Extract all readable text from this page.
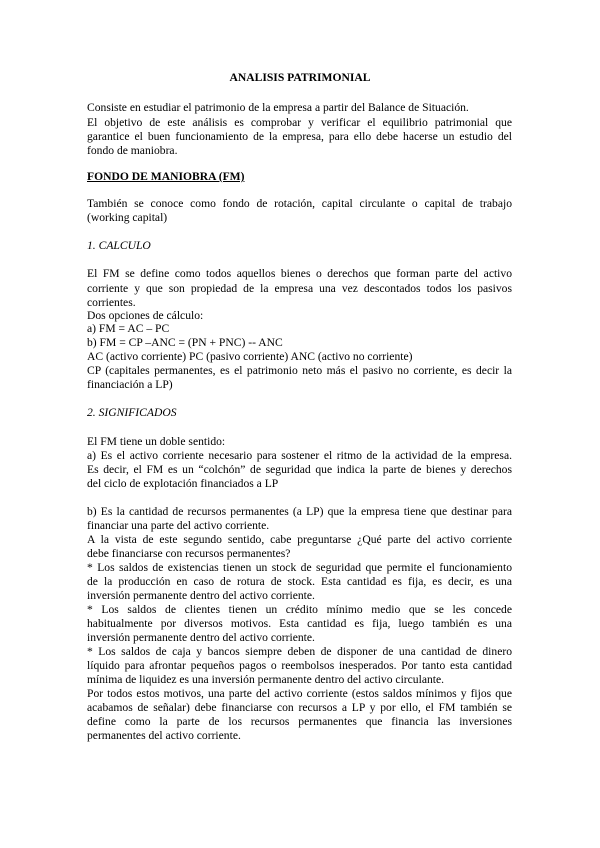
ANALISIS PATRIMONIAL
Consiste en estudiar el patrimonio de la empresa a partir del Balance de Situación.
El objetivo de este análisis es comprobar y verificar el equilibrio patrimonial que
garantice el buen funcionamiento de la empresa, para ello debe hacerse un estudio del
fondo de maniobra.
FONDO DE MANIOBRA (FM)
También se conoce como fondo de rotación, capital circulante o capital de trabajo
(working capital)
1. CALCULO
El FM se define como todos aquellos bienes o derechos que forman parte del activo
corriente y que son propiedad de la empresa una vez descontados todos los pasivos
corrientes.
Dos opciones de cálculo:
a) FM = AC – PC
b) FM = CP –ANC = (PN + PNC) -- ANC
AC (activo corriente) PC (pasivo corriente) ANC (activo no corriente)
CP (capitales permanentes, es el patrimonio neto más el pasivo no corriente, es decir la
financiación a LP)
2. SIGNIFICADOS
El FM tiene un doble sentido:
a) Es el activo corriente necesario para sostener el ritmo de la actividad de la empresa.
Es decir, el FM es un “colchón” de seguridad que indica la parte de bienes y derechos
del ciclo de explotación financiados a LP
b) Es la cantidad de recursos permanentes (a LP) que la empresa tiene que destinar para
financiar una parte del activo corriente.
A la vista de este segundo sentido, cabe preguntarse ¿Qué parte del activo corriente
debe financiarse con recursos permanentes?
* Los saldos de existencias tienen un stock de seguridad que permite el funcionamiento
de la producción en caso de rotura de stock. Esta cantidad es fija, es decir, es una
inversión permanente dentro del activo corriente.
* Los saldos de clientes tienen un crédito mínimo medio que se les concede
habitualmente por diversos motivos. Esta cantidad es fija, luego también es una
inversión permanente dentro del activo corriente.
* Los saldos de caja y bancos siempre deben de disponer de una cantidad de dinero
líquido para afrontar pequeños pagos o reembolsos inesperados. Por tanto esta cantidad
mínima de liquidez es una inversión permanente dentro del activo circulante.
Por todos estos motivos, una parte del activo corriente (estos saldos mínimos y fijos que
acabamos de señalar) debe financiarse con recursos a LP y por ello, el FM también se
define como la parte de los recursos permanentes que financia las inversiones
permanentes del activo corriente.
